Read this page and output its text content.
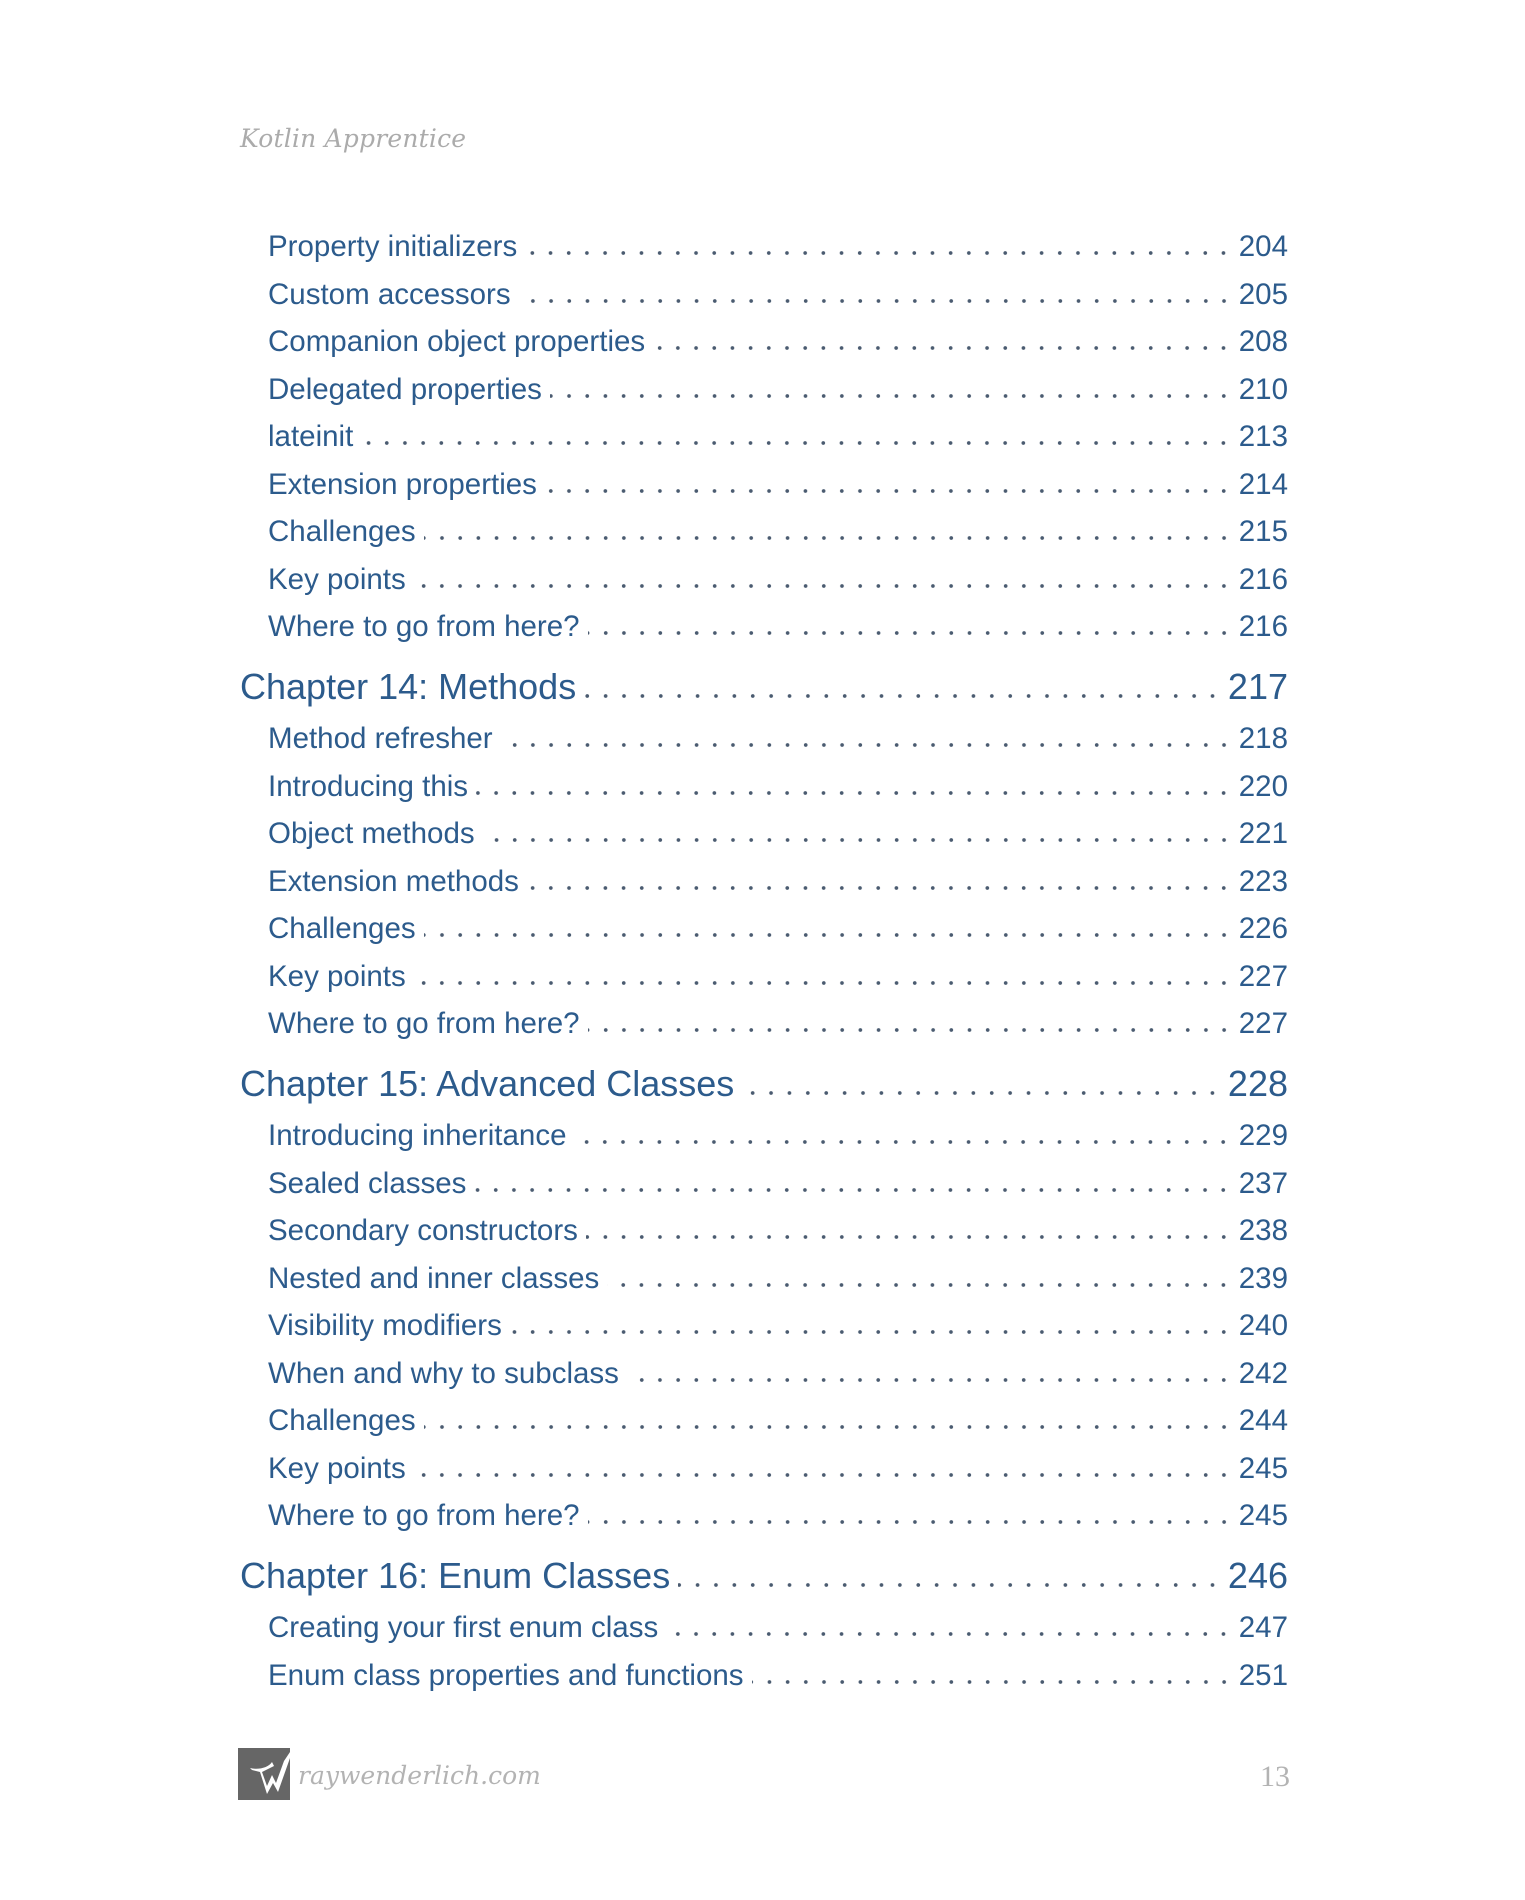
Kotlin Apprentice
Property initializers	204
Custom accessors	205
Companion object properties	208
Delegated properties	210
lateinit	213
Extension properties	214
Challenges	215
Key points	216
Where to go from here?	216
Chapter 14: Methods	217
Method refresher	218
Introducing this	220
Object methods	221
Extension methods	223
Challenges	226
Key points	227
Where to go from here?	227
Chapter 15: Advanced Classes	228
Introducing inheritance	229
Sealed classes	237
Secondary constructors	238
Nested and inner classes	239
Visibility modifiers	240
When and why to subclass	242
Challenges	244
Key points	245
Where to go from here?	245
Chapter 16: Enum Classes	246
Creating your first enum class	247
Enum class properties and functions	251
raywenderlich.com	13
